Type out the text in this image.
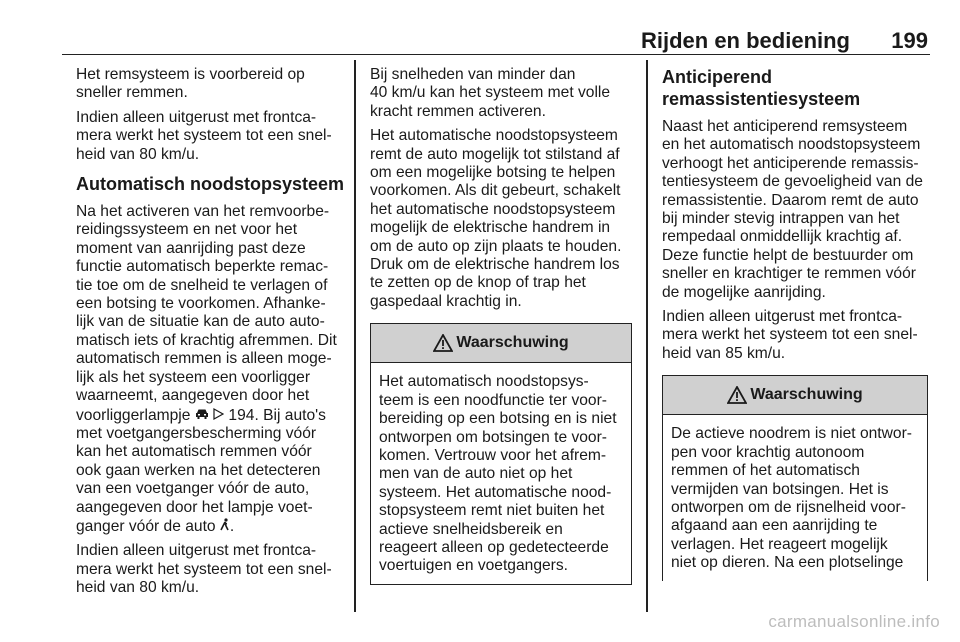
Rijden en bediening 199

Het remsysteem is voorbereid op
sneller remmen.

Indien alleen uitgerust met frontca-
mera werkt het systeem tot een snel-
heid van 80 km/u.

Automatisch noodstopsysteem

Na het activeren van het remvoorbe-
reidingssysteem en net voor het
moment van aanrijding past deze
functie automatisch beperkte remac-
tie toe om de snelheid te verlagen of
een botsing te voorkomen. Afhanke-
lijk van de situatie kan de auto auto-
matisch iets of krachtig afremmen. Dit
automatisch remmen is alleen moge-
lijk als het systeem een voorligger
waarneemt, aangegeven door het
voorliggerlampje   194. Bij auto's
met voetgangersbescherming vóór
kan het automatisch remmen vóór
ook gaan werken na het detecteren
van een voetganger vóór de auto,
aangegeven door het lampje voet-
ganger vóór de auto .

Indien alleen uitgerust met frontca-
mera werkt het systeem tot een snel-
heid van 80 km/u.

Bij snelheden van minder dan
40 km/u kan het systeem met volle
kracht remmen activeren.

Het automatische noodstopsysteem
remt de auto mogelijk tot stilstand af
om een mogelijke botsing te helpen
voorkomen. Als dit gebeurt, schakelt
het automatische noodstopsysteem
mogelijk de elektrische handrem in
om de auto op zijn plaats te houden.
Druk om de elektrische handrem los
te zetten op de knop of trap het
gaspedaal krachtig in.

Waarschuwing
Het automatisch noodstopsys-
teem is een noodfunctie ter voor-
bereiding op een botsing en is niet
ontworpen om botsingen te voor-
komen. Vertrouw voor het afrem-
men van de auto niet op het
systeem. Het automatische nood-
stopsysteem remt niet buiten het
actieve snelheidsbereik en
reageert alleen op gedetecteerde
voertuigen en voetgangers.
Anticiperend
remassistentiesysteem

Naast het anticiperend remsysteem
en het automatisch noodstopsysteem
verhoogt het anticiperende remassis-
tentiesysteem de gevoeligheid van de
remassistentie. Daarom remt de auto
bij minder stevig intrappen van het
rempedaal onmiddellijk krachtig af.
Deze functie helpt de bestuurder om
sneller en krachtiger te remmen vóór
de mogelijke aanrijding.

Indien alleen uitgerust met frontca-
mera werkt het systeem tot een snel-
heid van 85 km/u.

Waarschuwing
De actieve noodrem is niet ontwor-
pen voor krachtig autonoom
remmen of het automatisch
vermijden van botsingen. Het is
ontworpen om de rijsnelheid voor-
afgaand aan een aanrijding te
verlagen. Het reageert mogelijk
niet op dieren. Na een plotselinge
carmanualsonline.info
